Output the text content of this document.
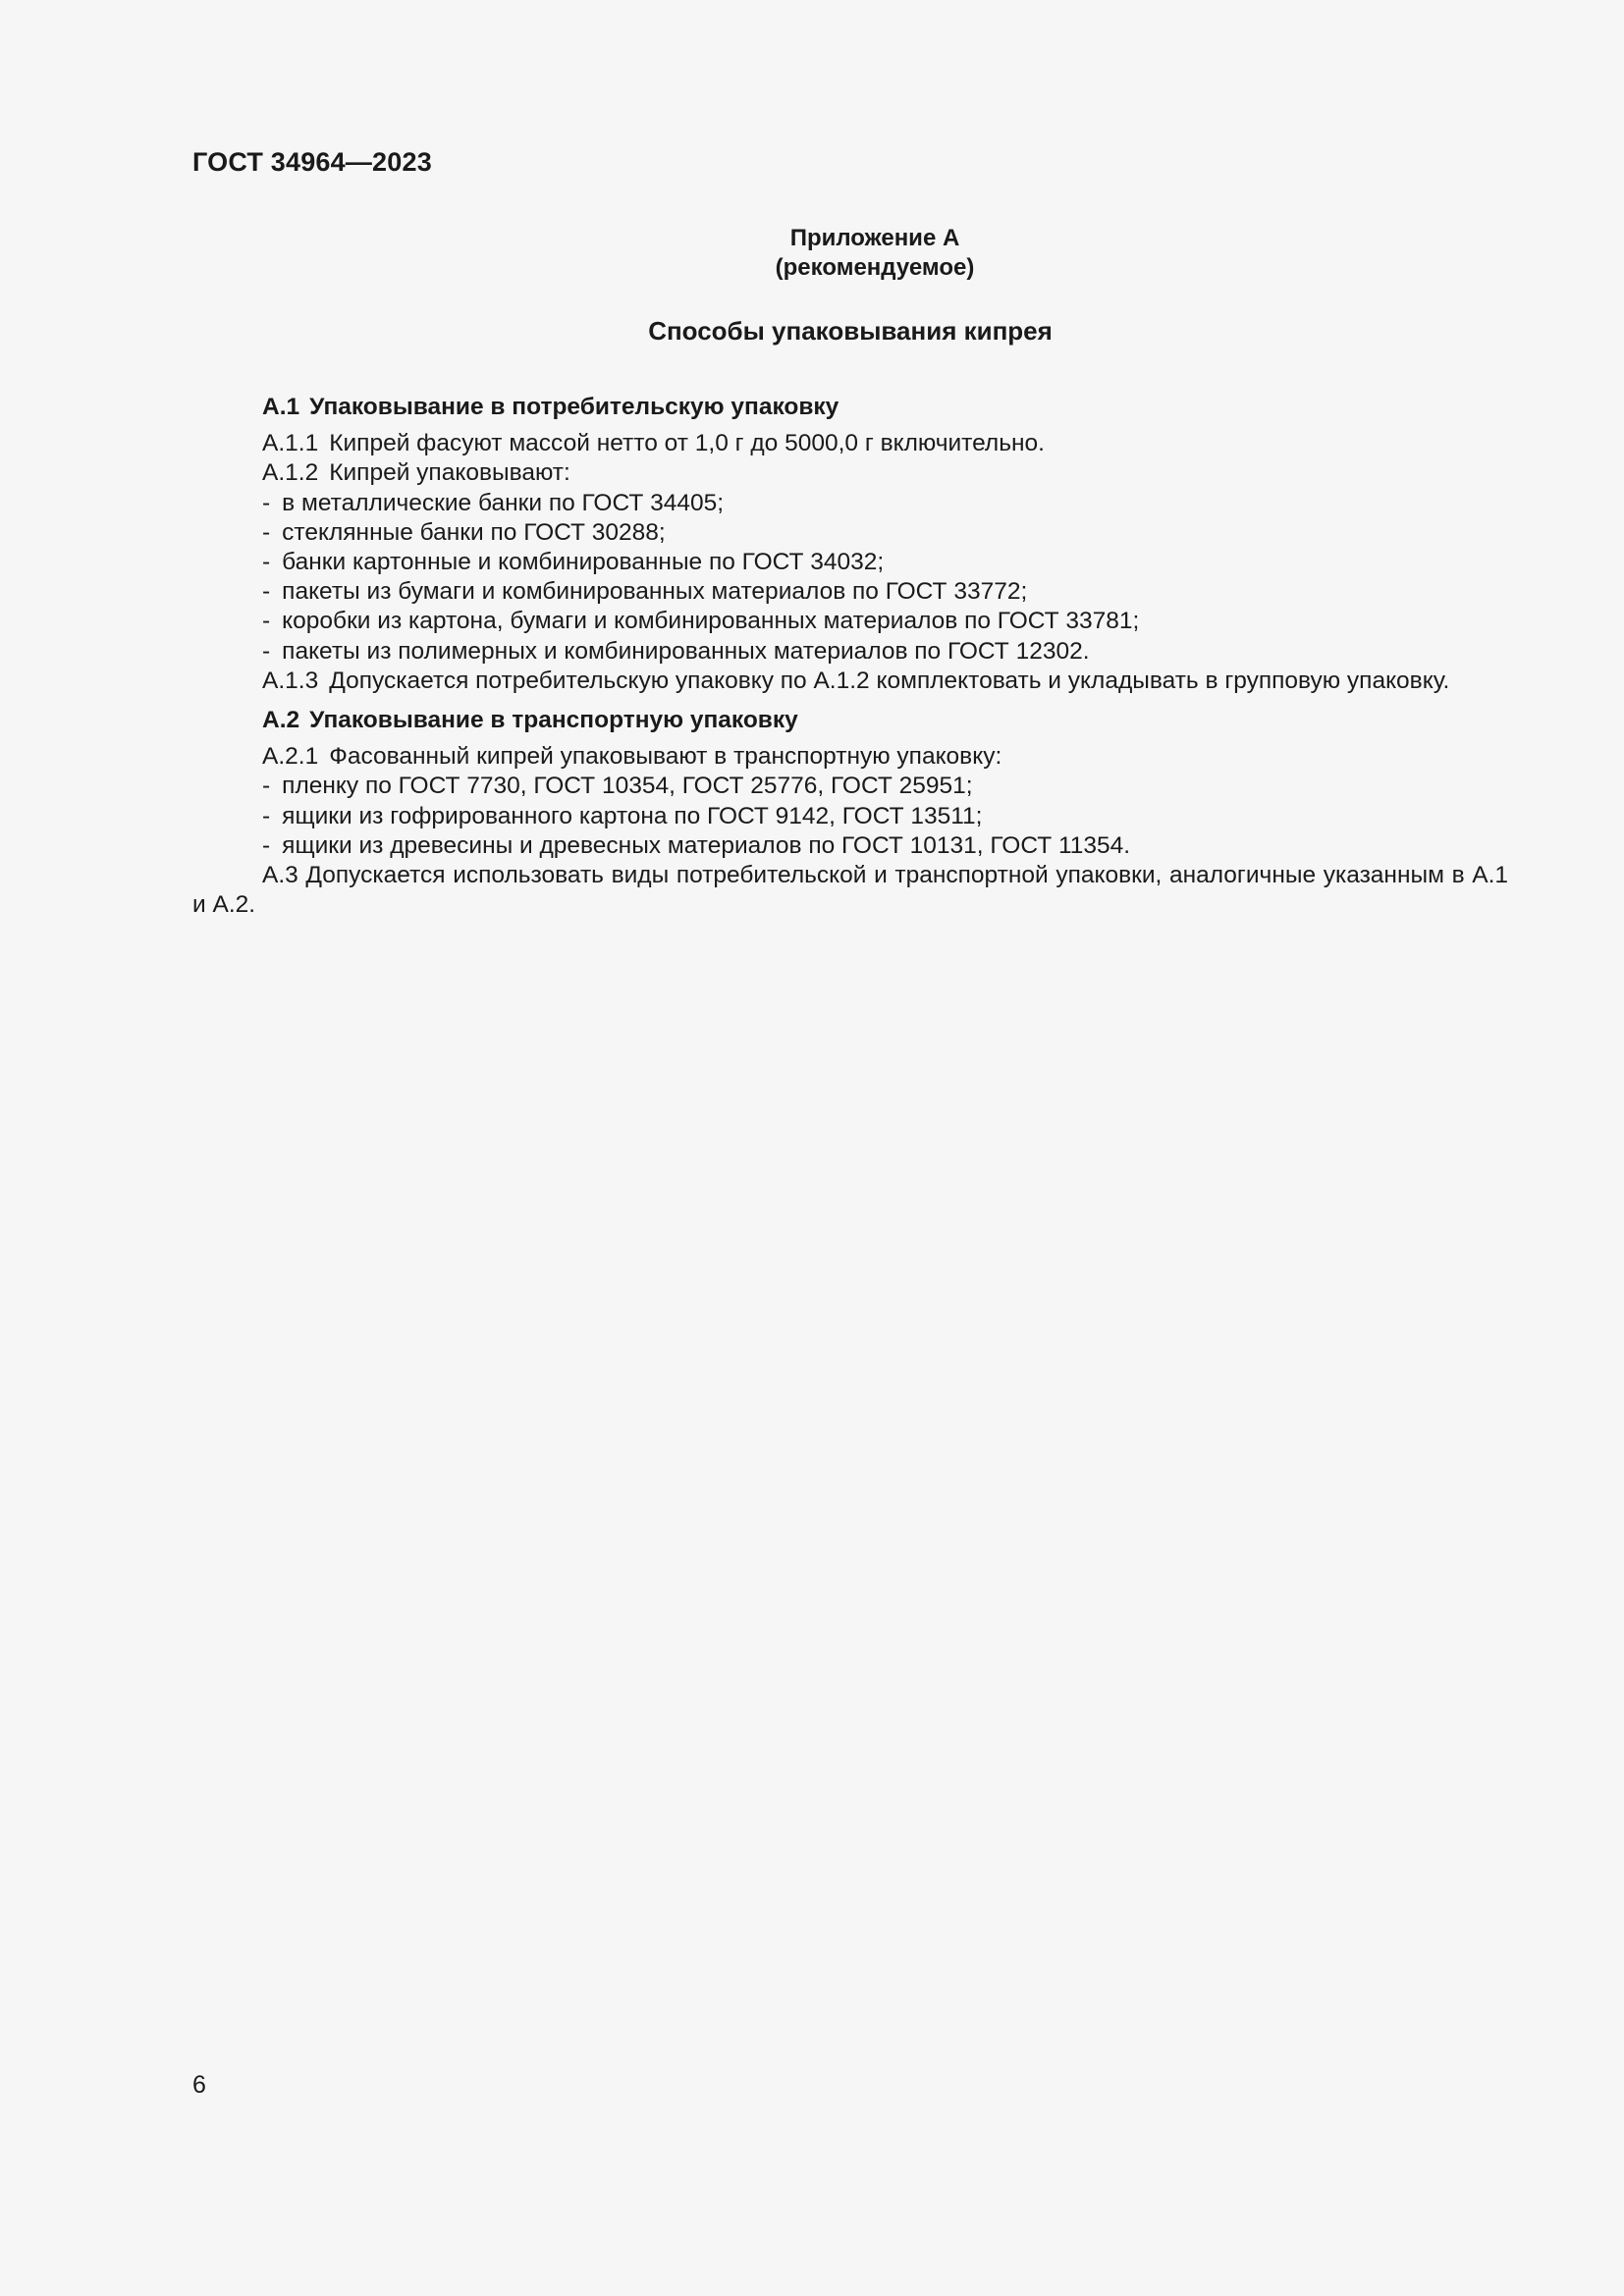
ГОСТ 34964—2023
Приложение А
(рекомендуемое)
Способы упаковывания кипрея
А.1 Упаковывание в потребительскую упаковку
А.1.1 Кипрей фасуют массой нетто от 1,0 г до 5000,0 г включительно.
А.1.2 Кипрей упаковывают:
- в металлические банки по ГОСТ 34405;
- стеклянные банки по ГОСТ 30288;
- банки картонные и комбинированные по ГОСТ 34032;
- пакеты из бумаги и комбинированных материалов по ГОСТ 33772;
- коробки из картона, бумаги и комбинированных материалов по ГОСТ 33781;
- пакеты из полимерных и комбинированных материалов по ГОСТ 12302.
А.1.3 Допускается потребительскую упаковку по А.1.2 комплектовать и укладывать в групповую упаковку.
А.2 Упаковывание в транспортную упаковку
А.2.1 Фасованный кипрей упаковывают в транспортную упаковку:
- пленку по ГОСТ 7730, ГОСТ 10354, ГОСТ 25776, ГОСТ 25951;
- ящики из гофрированного картона по ГОСТ 9142, ГОСТ 13511;
- ящики из древесины и древесных материалов по ГОСТ 10131, ГОСТ 11354.
А.3 Допускается использовать виды потребительской и транспортной упаковки, аналогичные указанным в А.1 и А.2.
6
